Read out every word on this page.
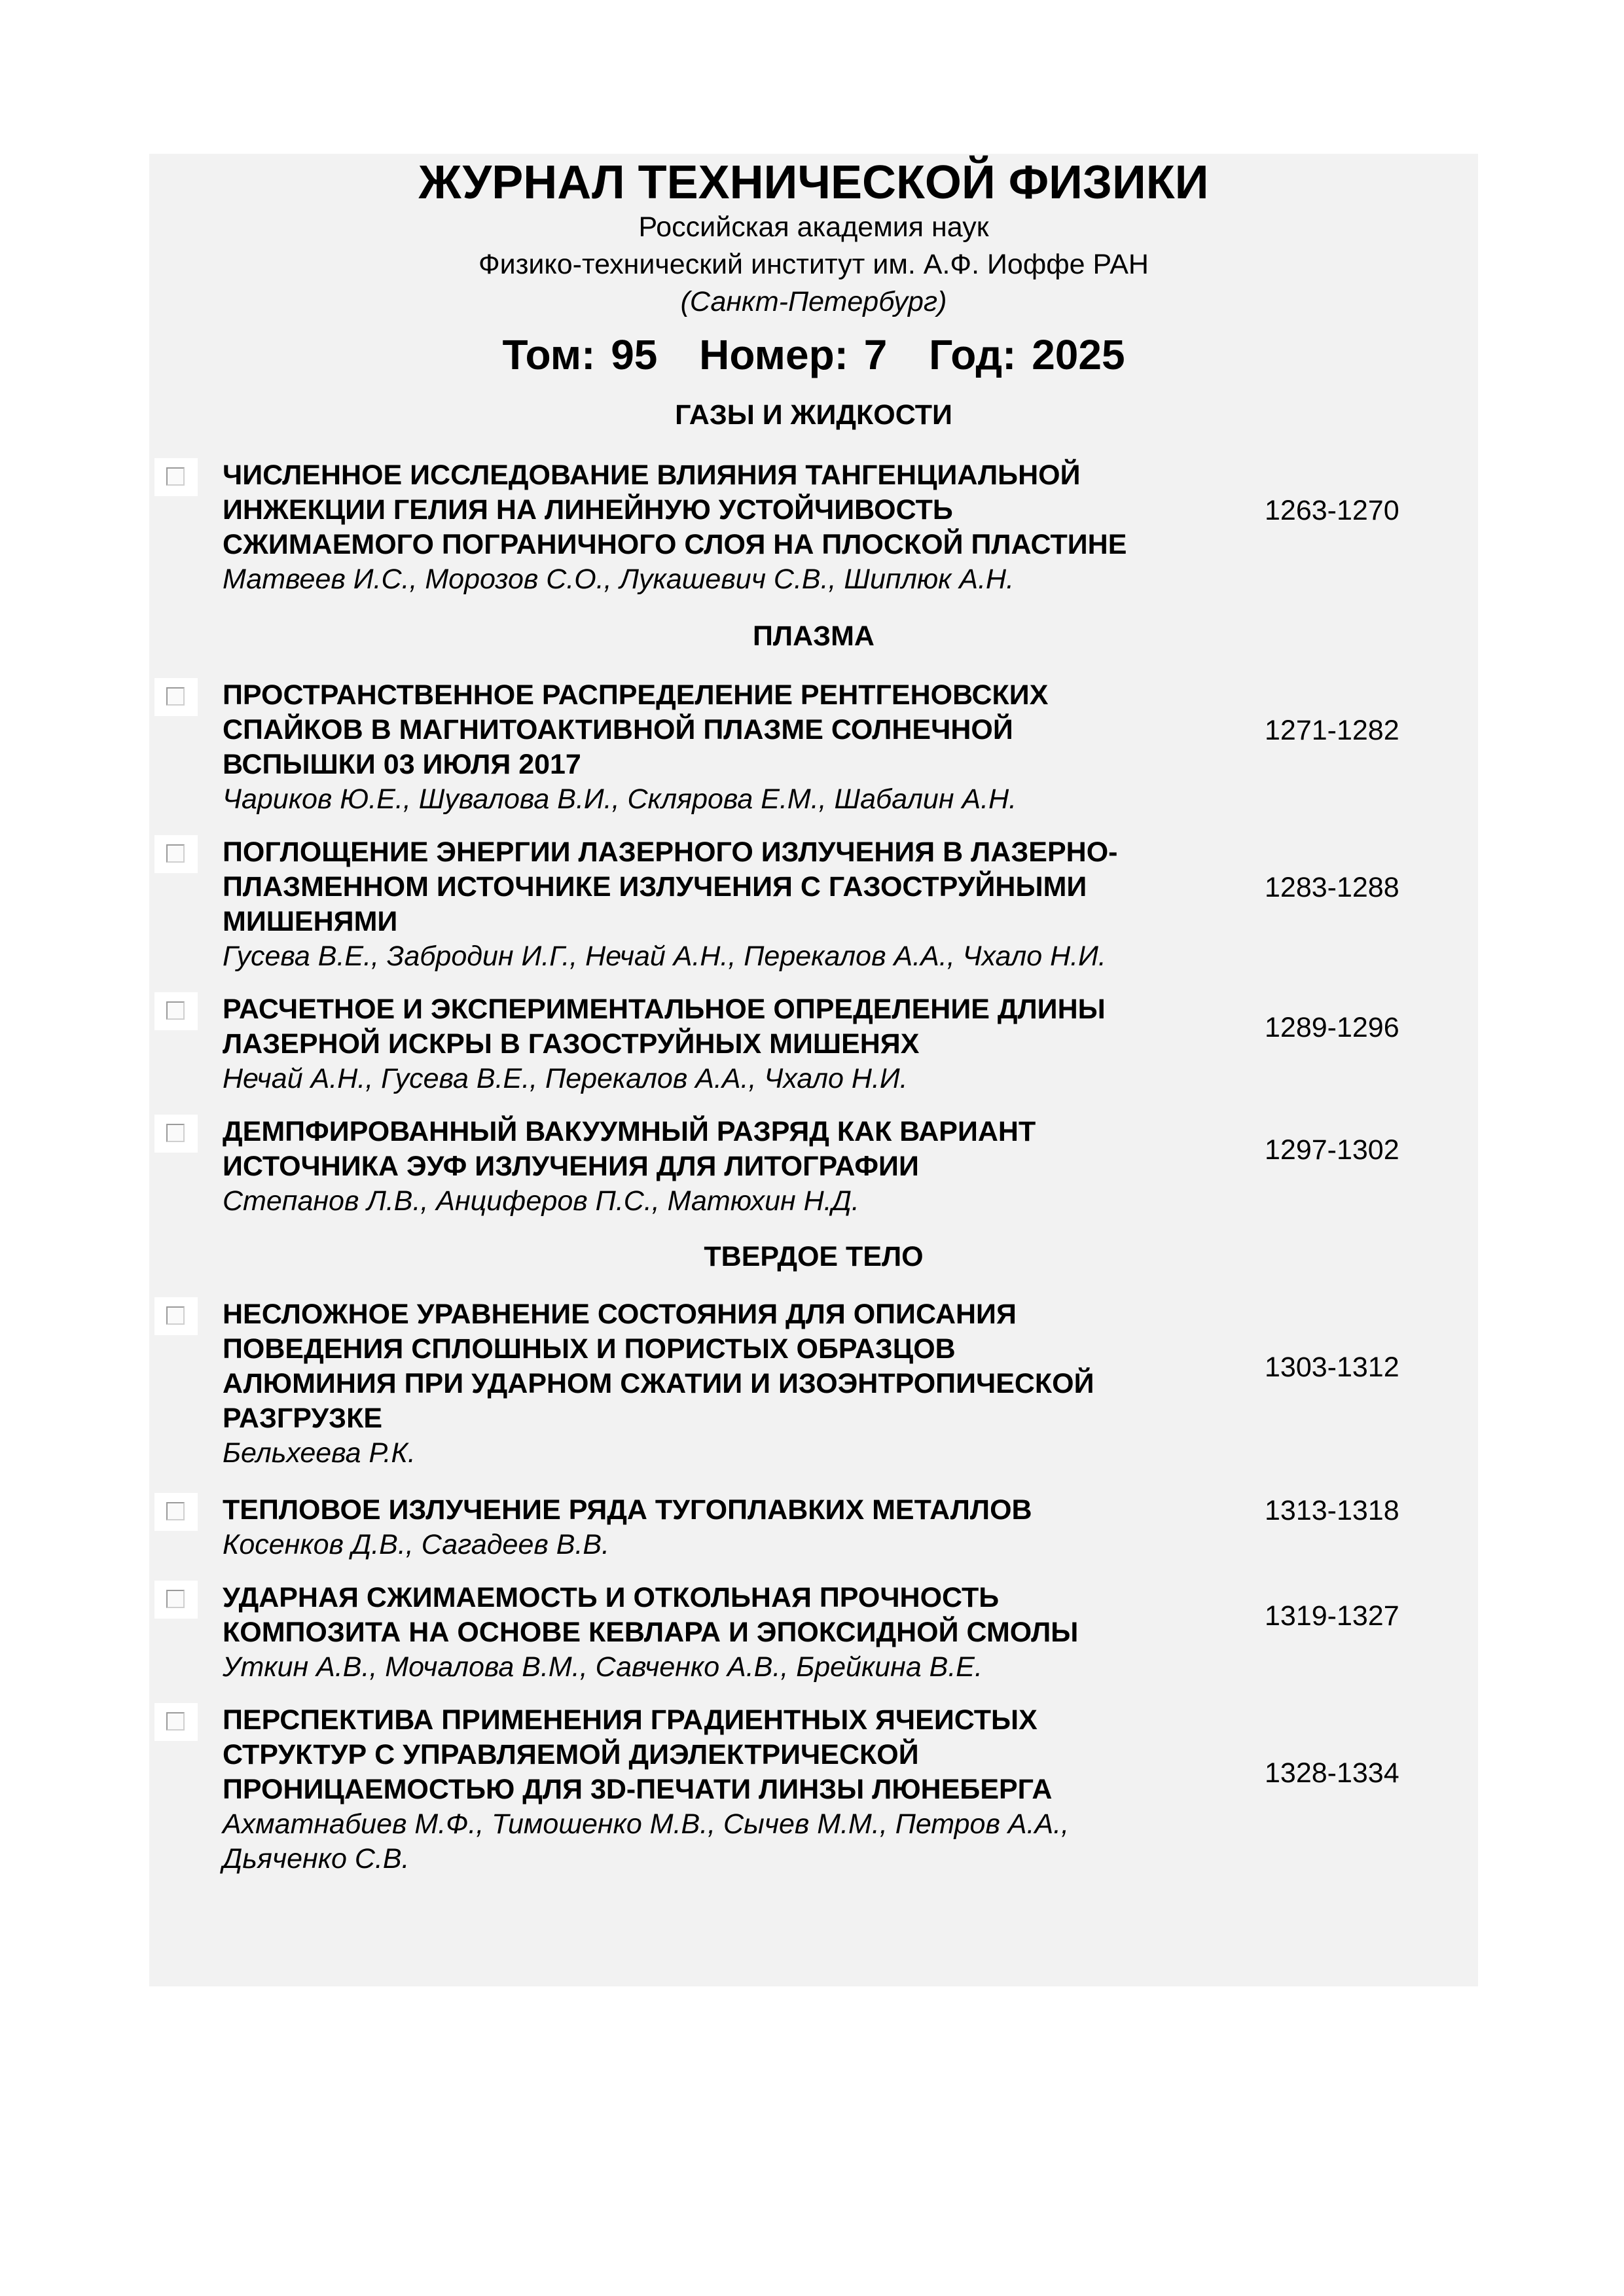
ЖУРНАЛ ТЕХНИЧЕСКОЙ ФИЗИКИ
Российская академия наук
Физико-технический институт им. А.Ф. Иоффе РАН
(Санкт-Петербург)
Том: 95 Номер: 7 Год: 2025
ГАЗЫ И ЖИДКОСТИ
ЧИСЛЕННОЕ ИССЛЕДОВАНИЕ ВЛИЯНИЯ ТАНГЕНЦИАЛЬНОЙ
ИНЖЕКЦИИ ГЕЛИЯ НА ЛИНЕЙНУЮ УСТОЙЧИВОСТЬ
СЖИМАЕМОГО ПОГРАНИЧНОГО СЛОЯ НА ПЛОСКОЙ ПЛАСТИНЕ
Матвеев И.С., Морозов С.О., Лукашевич С.В., Шиплюк А.Н.
1263-1270
ПЛАЗМА
ПРОСТРАНСТВЕННОЕ РАСПРЕДЕЛЕНИЕ РЕНТГЕНОВСКИХ
СПАЙКОВ В МАГНИТОАКТИВНОЙ ПЛАЗМЕ СОЛНЕЧНОЙ
ВСПЫШКИ 03 ИЮЛЯ 2017
Чариков Ю.Е., Шувалова В.И., Склярова Е.М., Шабалин А.Н.
1271-1282
ПОГЛОЩЕНИЕ ЭНЕРГИИ ЛАЗЕРНОГО ИЗЛУЧЕНИЯ В ЛАЗЕРНО-
ПЛАЗМЕННОМ ИСТОЧНИКЕ ИЗЛУЧЕНИЯ С ГАЗОСТРУЙНЫМИ
МИШЕНЯМИ
Гусева В.Е., Забродин И.Г., Нечай А.Н., Перекалов А.А., Чхало Н.И.
1283-1288
РАСЧЕТНОЕ И ЭКСПЕРИМЕНТАЛЬНОЕ ОПРЕДЕЛЕНИЕ ДЛИНЫ
ЛАЗЕРНОЙ ИСКРЫ В ГАЗОСТРУЙНЫХ МИШЕНЯХ
Нечай А.Н., Гусева В.Е., Перекалов А.А., Чхало Н.И.
1289-1296
ДЕМПФИРОВАННЫЙ ВАКУУМНЫЙ РАЗРЯД КАК ВАРИАНТ
ИСТОЧНИКА ЭУФ ИЗЛУЧЕНИЯ ДЛЯ ЛИТОГРАФИИ
Степанов Л.В., Анциферов П.С., Матюхин Н.Д.
1297-1302
ТВЕРДОЕ ТЕЛО
НЕСЛОЖНОЕ УРАВНЕНИЕ СОСТОЯНИЯ ДЛЯ ОПИСАНИЯ
ПОВЕДЕНИЯ СПЛОШНЫХ И ПОРИСТЫХ ОБРАЗЦОВ
АЛЮМИНИЯ ПРИ УДАРНОМ СЖАТИИ И ИЗОЭНТРОПИЧЕСКОЙ
РАЗГРУЗКЕ
Бельхеева Р.К.
1303-1312
ТЕПЛОВОЕ ИЗЛУЧЕНИЕ РЯДА ТУГОПЛАВКИХ МЕТАЛЛОВ
Косенков Д.В., Сагадеев В.В.
1313-1318
УДАРНАЯ СЖИМАЕМОСТЬ И ОТКОЛЬНАЯ ПРОЧНОСТЬ
КОМПОЗИТА НА ОСНОВЕ КЕВЛАРА И ЭПОКСИДНОЙ СМОЛЫ
Уткин А.В., Мочалова В.М., Савченко А.В., Брейкина В.Е.
1319-1327
ПЕРСПЕКТИВА ПРИМЕНЕНИЯ ГРАДИЕНТНЫХ ЯЧЕИСТЫХ
СТРУКТУР С УПРАВЛЯЕМОЙ ДИЭЛЕКТРИЧЕСКОЙ
ПРОНИЦАЕМОСТЬЮ ДЛЯ 3D-ПЕЧАТИ ЛИНЗЫ ЛЮНЕБЕРГА
Ахматнабиев М.Ф., Тимошенко М.В., Сычев М.М., Петров А.А.,
Дьяченко С.В.
1328-1334
